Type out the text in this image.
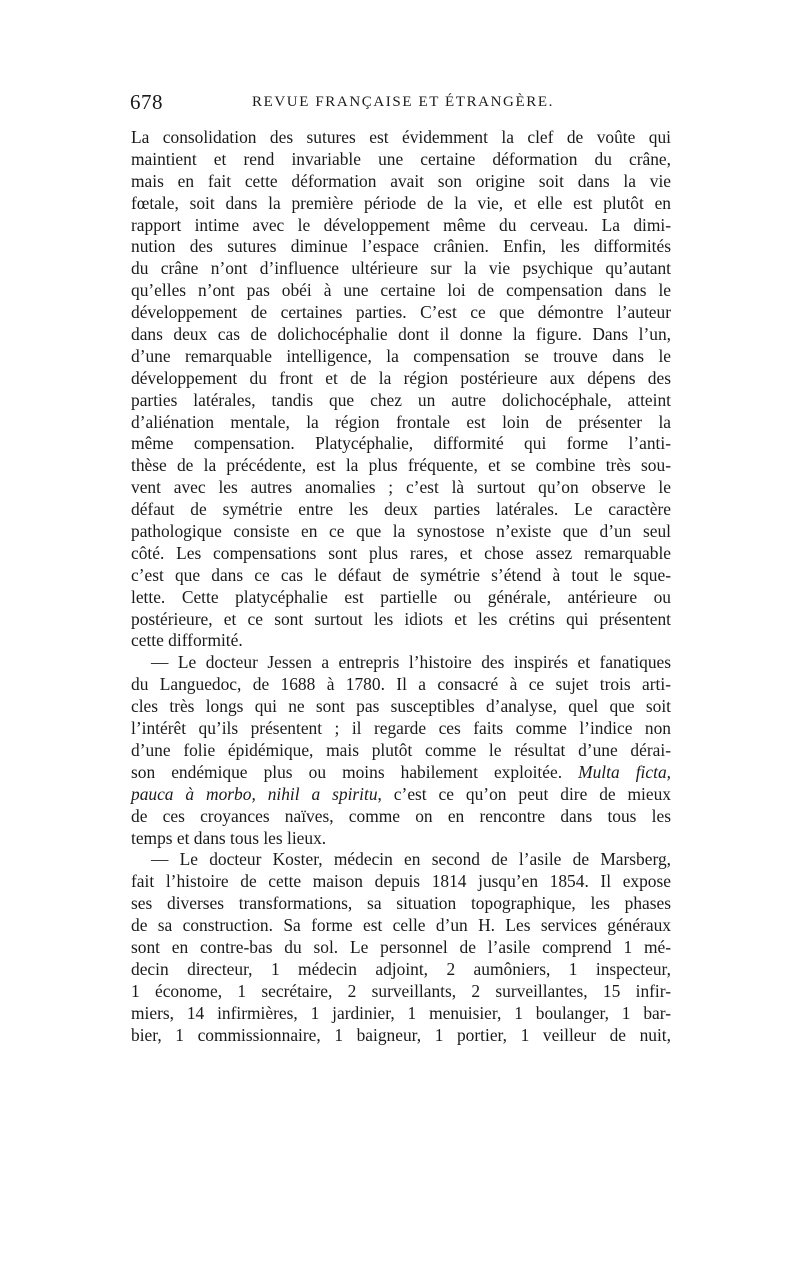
678	REVUE FRANÇAISE ET ÉTRANGÈRE.
La consolidation des sutures est évidemment la clef de voûte qui
maintient et rend invariable une certaine déformation du crâne,
mais en fait cette déformation avait son origine soit dans la vie
fœtale, soit dans la première période de la vie, et elle est plutôt en
rapport intime avec le développement même du cerveau. La dimi-
nution des sutures diminue l’espace crânien. Enfin, les difformités
du crâne n’ont d’influence ultérieure sur la vie psychique qu’autant
qu’elles n’ont pas obéi à une certaine loi de compensation dans le
développement de certaines parties. C’est ce que démontre l’auteur
dans deux cas de dolichocéphalie dont il donne la figure. Dans l’un,
d’une remarquable intelligence, la compensation se trouve dans le
développement du front et de la région postérieure aux dépens des
parties latérales, tandis que chez un autre dolichocéphale, atteint
d’aliénation mentale, la région frontale est loin de présenter la
même compensation. Platycéphalie, difformité qui forme l’anti-
thèse de la précédente, est la plus fréquente, et se combine très sou-
vent avec les autres anomalies ; c’est là surtout qu’on observe le
défaut de symétrie entre les deux parties latérales. Le caractère
pathologique consiste en ce que la synostose n’existe que d’un seul
côté. Les compensations sont plus rares, et chose assez remarquable
c’est que dans ce cas le défaut de symétrie s’étend à tout le sque-
lette. Cette platycéphalie est partielle ou générale, antérieure ou
postérieure, et ce sont surtout les idiots et les crétins qui présentent
cette difformité.
— Le docteur Jessen a entrepris l’histoire des inspirés et fanatiques
du Languedoc, de 1688 à 1780. Il a consacré à ce sujet trois arti-
cles très longs qui ne sont pas susceptibles d’analyse, quel que soit
l’intérêt qu’ils présentent ; il regarde ces faits comme l’indice non
d’une folie épidémique, mais plutôt comme le résultat d’une dérai-
son endémique plus ou moins habilement exploitée. Multa ficta,
pauca à morbo, nihil a spiritu, c’est ce qu’on peut dire de mieux
de ces croyances naïves, comme on en rencontre dans tous les
temps et dans tous les lieux.
— Le docteur Koster, médecin en second de l’asile de Marsberg,
fait l’histoire de cette maison depuis 1814 jusqu’en 1854. Il expose
ses diverses transformations, sa situation topographique, les phases
de sa construction. Sa forme est celle d’un H. Les services généraux
sont en contre-bas du sol. Le personnel de l’asile comprend 1 mé-
decin directeur, 1 médecin adjoint, 2 aumôniers, 1 inspecteur,
1 économe, 1 secrétaire, 2 surveillants, 2 surveillantes, 15 infir-
miers, 14 infirmières, 1 jardinier, 1 menuisier, 1 boulanger, 1 bar-
bier, 1 commissionnaire, 1 baigneur, 1 portier, 1 veilleur de nuit,
